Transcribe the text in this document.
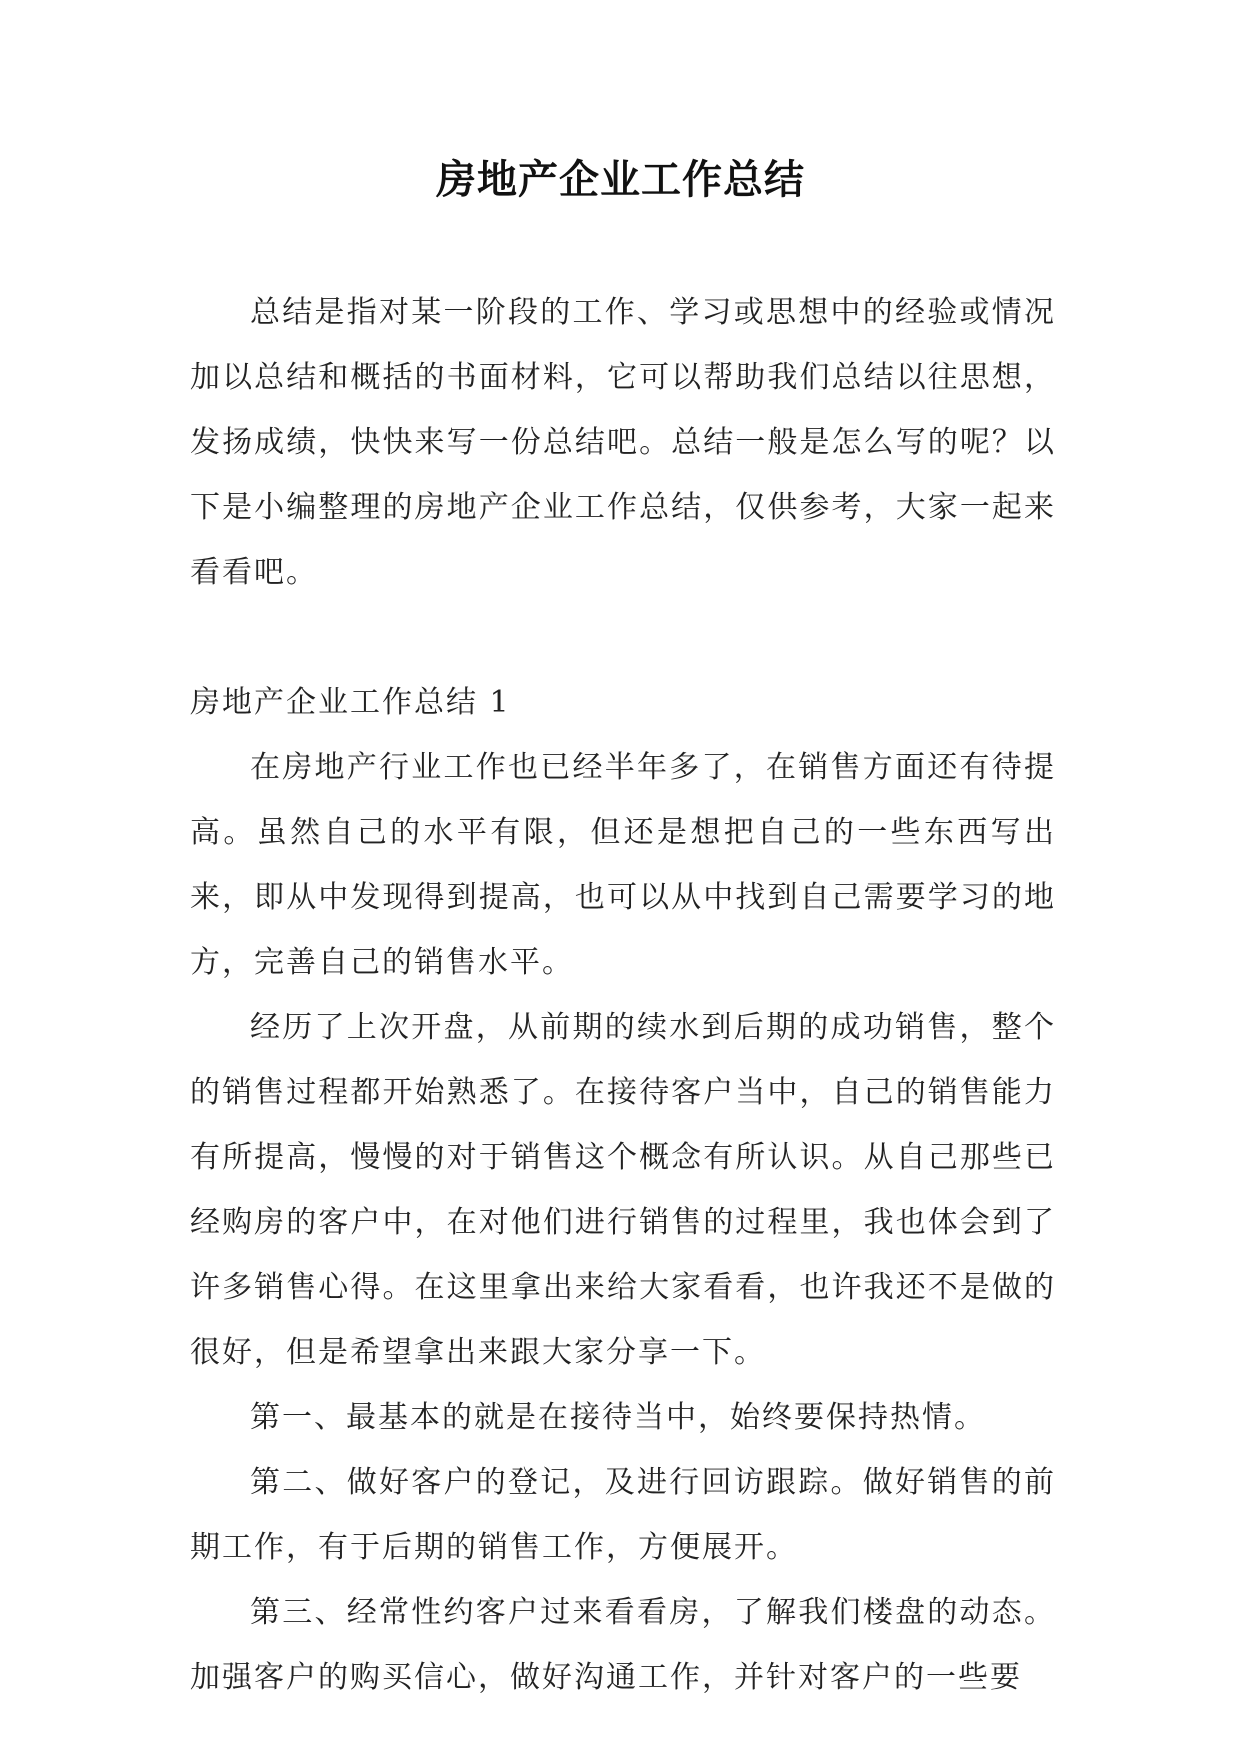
房地产企业工作总结

总结是指对某一阶段的工作、学习或思想中的经验或情况加以总结和概括的书面材料，它可以帮助我们总结以往思想，发扬成绩，快快来写一份总结吧。总结一般是怎么写的呢？以下是小编整理的房地产企业工作总结，仅供参考，大家一起来看看吧。

房地产企业工作总结 1

在房地产行业工作也已经半年多了，在销售方面还有待提高。虽然自己的水平有限，但还是想把自己的一些东西写出来，即从中发现得到提高，也可以从中找到自己需要学习的地方，完善自己的销售水平。

经历了上次开盘，从前期的续水到后期的成功销售，整个的销售过程都开始熟悉了。在接待客户当中，自己的销售能力有所提高，慢慢的对于销售这个概念有所认识。从自己那些已经购房的客户中，在对他们进行销售的过程里，我也体会到了许多销售心得。在这里拿出来给大家看看，也许我还不是做的很好，但是希望拿出来跟大家分享一下。

第一、最基本的就是在接待当中，始终要保持热情。

第二、做好客户的登记，及进行回访跟踪。做好销售的前期工作，有于后期的销售工作，方便展开。

第三、经常性约客户过来看看房，了解我们楼盘的动态。加强客户的购买信心，做好沟通工作，并针对客户的一些要
